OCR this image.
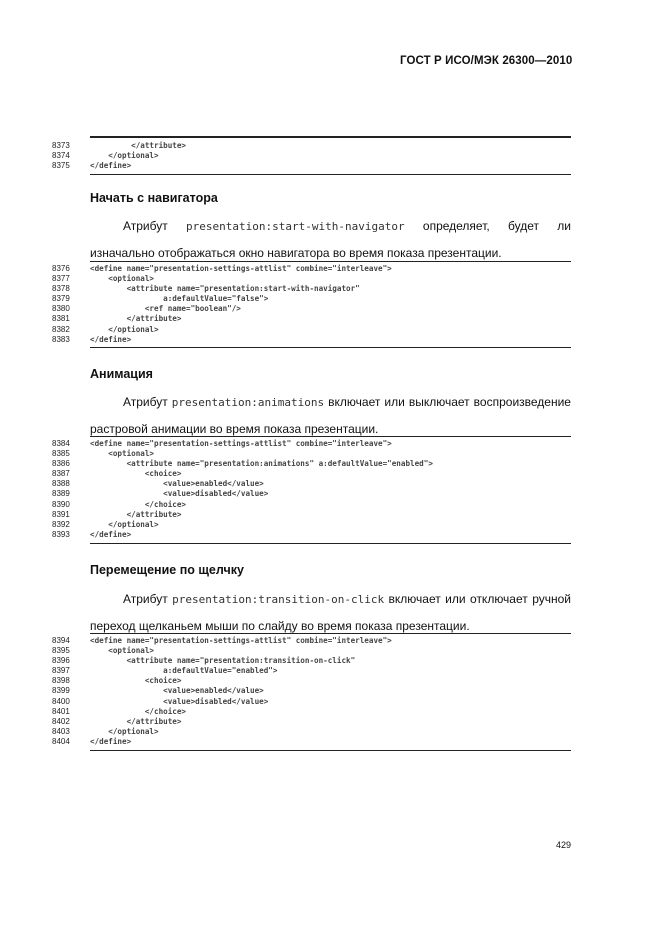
ГОСТ Р ИСО/МЭК 26300—2010
8373	</attribute>
8374	</optional>
8375	</define>
Начать с навигатора
Атрибут presentation:start-with-navigator определяет, будет ли изначально отображаться окно навигатора во время показа презентации.
8376	<define name="presentation-settings-attlist" combine="interleave">
8377	<optional>
8378	<attribute name="presentation:start-with-navigator"
8379	a:defaultValue="false">
8380	<ref name="boolean"/>
8381	</attribute>
8382	</optional>
8383	</define>
Анимация
Атрибут presentation:animations включает или выключает воспроизведение растровой анимации во время показа презентации.
8384	<define name="presentation-settings-attlist" combine="interleave">
8385	<optional>
8386	<attribute name="presentation:animations" a:defaultValue="enabled">
8387	<choice>
8388	<value>enabled</value>
8389	<value>disabled</value>
8390	</choice>
8391	</attribute>
8392	</optional>
8393	</define>
Перемещение по щелчку
Атрибут presentation:transition-on-click включает или отключает ручной переход щелканьем мыши по слайду во время показа презентации.
8394	<define name="presentation-settings-attlist" combine="interleave">
8395	<optional>
8396	<attribute name="presentation:transition-on-click"
8397	a:defaultValue="enabled">
8398	<choice>
8399	<value>enabled</value>
8400	<value>disabled</value>
8401	</choice>
8402	</attribute>
8403	</optional>
8404	</define>
429
